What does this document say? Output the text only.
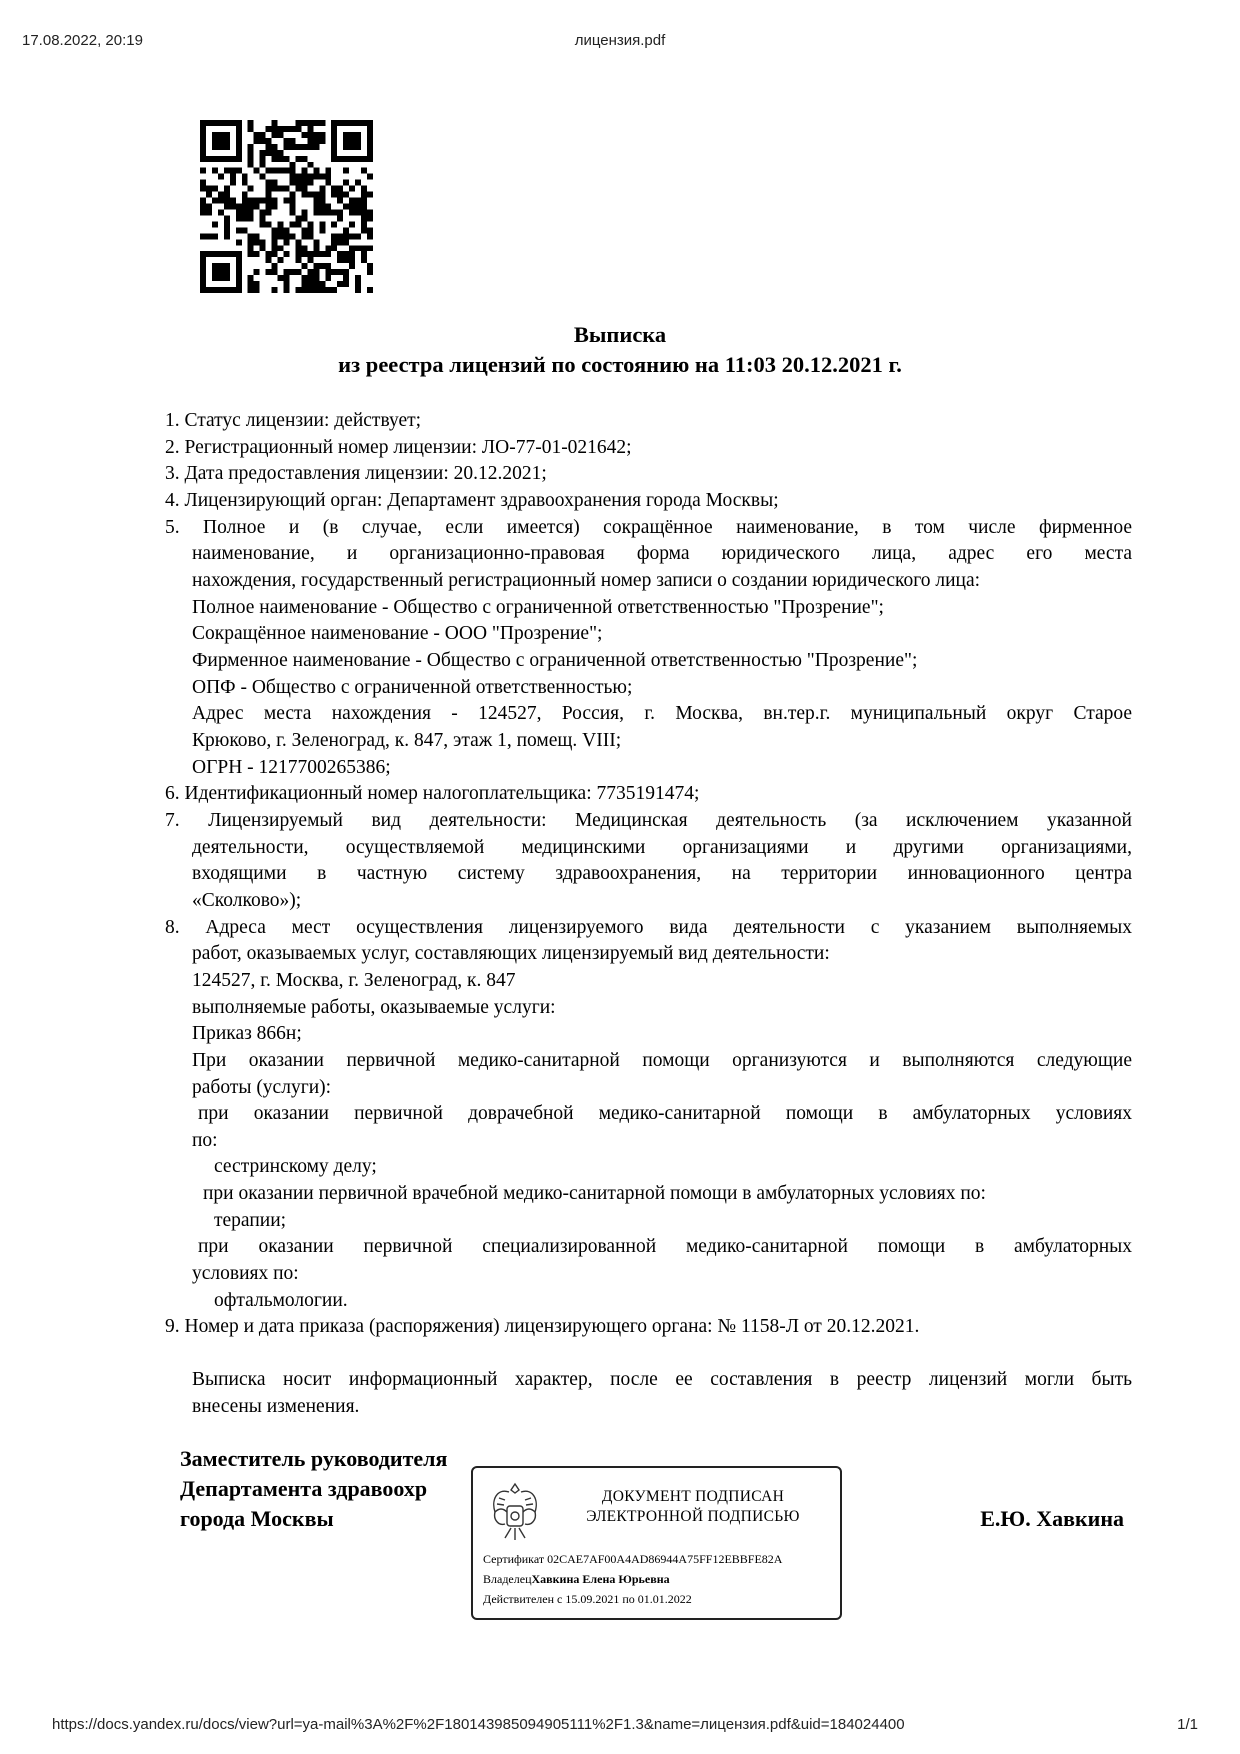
17.08.2022, 20:19	лицензия.pdf
Выписка
из реестра лицензий по состоянию на 11:03 20.12.2021 г.
1. Статус лицензии: действует;
2. Регистрационный номер лицензии: ЛО-77-01-021642;
3. Дата предоставления лицензии: 20.12.2021;
4. Лицензирующий орган: Департамент здравоохранения города Москвы;
5. Полное и (в случае, если имеется) сокращённое наименование, в том числе фирменное
наименование, и организационно-правовая форма юридического лица, адрес его места
нахождения, государственный регистрационный номер записи о создании юридического лица:
Полное наименование - Общество с ограниченной ответственностью "Прозрение";
Сокращённое наименование - ООО "Прозрение";
Фирменное наименование - Общество с ограниченной ответственностью "Прозрение";
ОПФ - Общество с ограниченной ответственностью;
Адрес места нахождения - 124527, Россия, г. Москва, вн.тер.г. муниципальный округ Старое
Крюково, г. Зеленоград, к. 847, этаж 1, помещ. VIII;
ОГРН - 1217700265386;
6. Идентификационный номер налогоплательщика: 7735191474;
7. Лицензируемый вид деятельности: Медицинская деятельность (за исключением указанной
деятельности, осуществляемой медицинскими организациями и другими организациями,
входящими в частную систему здравоохранения, на территории инновационного центра
«Сколково»);
8. Адреса мест осуществления лицензируемого вида деятельности с указанием выполняемых
работ, оказываемых услуг, составляющих лицензируемый вид деятельности:
124527, г. Москва, г. Зеленоград, к. 847
выполняемые работы, оказываемые услуги:
Приказ 866н;
При оказании первичной медико-санитарной помощи организуются и выполняются следующие
работы (услуги):
при оказании первичной доврачебной медико-санитарной помощи в амбулаторных условиях
по:
сестринскому делу;
при оказании первичной врачебной медико-санитарной помощи в амбулаторных условиях по:
терапии;
при оказании первичной специализированной медико-санитарной помощи в амбулаторных
условиях по:
офтальмологии.
9. Номер и дата приказа (распоряжения) лицензирующего органа: № 1158-Л от 20.12.2021.
Выписка носит информационный характер, после ее составления в реестр лицензий могли быть
внесены изменения.
Заместитель руководителя
Департамента здравоохр
города Москвы	Е.Ю. Хавкина
ДОКУМЕНТ ПОДПИСАН
ЭЛЕКТРОННОЙ ПОДПИСЬЮ
Сертификат 02CAE7AF00A4AD86944A75FF12EBBFE82A
ВладелецХавкина Елена Юрьевна
Действителен с 15.09.2021 по 01.01.2022
https://docs.yandex.ru/docs/view?url=ya-mail%3A%2F%2F180143985094905111%2F1.3&name=лицензия.pdf&uid=184024400	1/1
